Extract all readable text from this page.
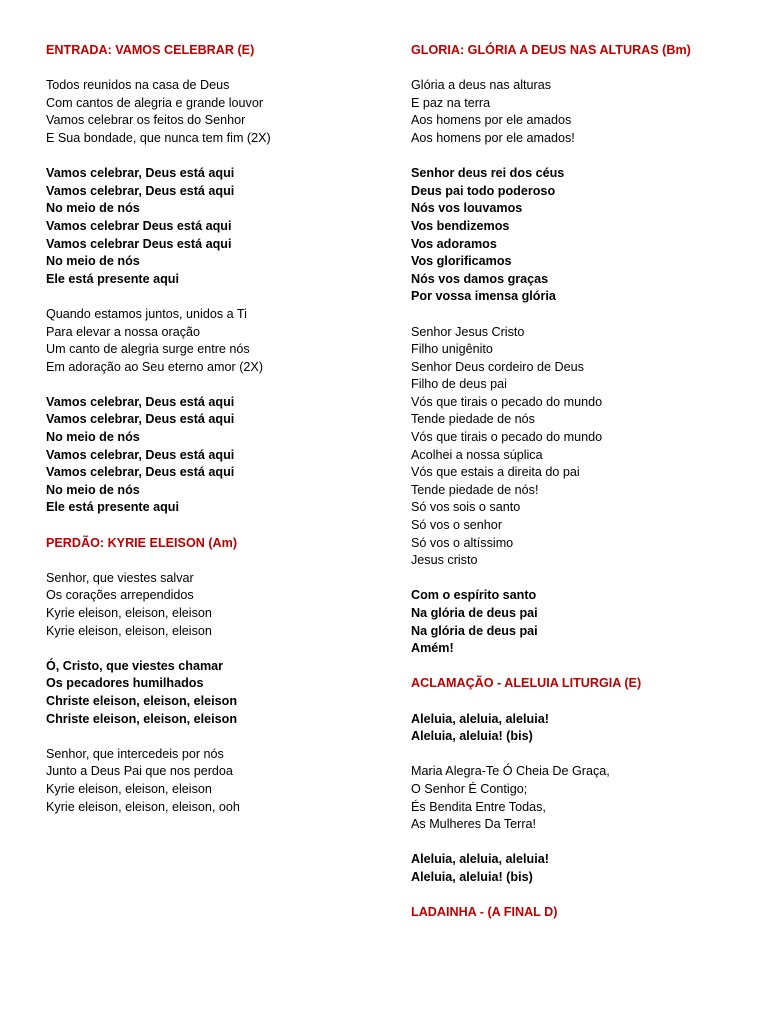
ENTRADA: VAMOS CELEBRAR (E)
Todos reunidos na casa de Deus
Com cantos de alegria e grande louvor
Vamos celebrar os feitos do Senhor
E Sua bondade, que nunca tem fim (2X)
Vamos celebrar, Deus está aqui
Vamos celebrar, Deus está aqui
No meio de nós
Vamos celebrar Deus está aqui
Vamos celebrar Deus está aqui
No meio de nós
Ele está presente aqui
Quando estamos juntos, unidos a Ti
Para elevar a nossa oração
Um canto de alegria surge entre nós
Em adoração ao Seu eterno amor (2X)
Vamos celebrar, Deus está aqui
Vamos celebrar, Deus está aqui
No meio de nós
Vamos celebrar, Deus está aqui
Vamos celebrar, Deus está aqui
No meio de nós
Ele está presente aqui
PERDÃO: KYRIE ELEISON (Am)
Senhor, que viestes salvar
Os corações arrependidos
Kyrie eleison, eleison, eleison
Kyrie eleison, eleison, eleison
Ó, Cristo, que viestes chamar
Os pecadores humilhados
Christe eleison, eleison, eleison
Christe eleison, eleison, eleison
Senhor, que intercedeis por nós
Junto a Deus Pai que nos perdoa
Kyrie eleison, eleison, eleison
Kyrie eleison, eleison, eleison, ooh
GLORIA: GLÓRIA A DEUS NAS ALTURAS (Bm)
Glória a deus nas alturas
E paz na terra
Aos homens por ele amados
Aos homens por ele amados!
Senhor deus rei dos céus
Deus pai todo poderoso
Nós vos louvamos
Vos bendizemos
Vos adoramos
Vos glorificamos
Nós vos damos graças
Por vossa imensa glória
Senhor Jesus Cristo
Filho unigênito
Senhor Deus cordeiro de Deus
Filho de deus pai
Vós que tirais o pecado do mundo
Tende piedade de nós
Vós que tirais o pecado do mundo
Acolhei a nossa súplica
Vós que estais a direita do pai
Tende piedade de nós!
Só vos sois o santo
Só vos o senhor
Só vos o altíssimo
Jesus cristo
Com o espírito santo
Na glória de deus pai
Na glória de deus pai
Amém!
ACLAMAÇÃO - ALELUIA LITURGIA (E)
Aleluia, aleluia, aleluia!
Aleluia, aleluia! (bis)
Maria Alegra-Te Ó Cheia De Graça,
O Senhor É Contigo;
És Bendita Entre Todas,
As Mulheres Da Terra!
Aleluia, aleluia, aleluia!
Aleluia, aleluia! (bis)
LADAINHA - (A FINAL D)
